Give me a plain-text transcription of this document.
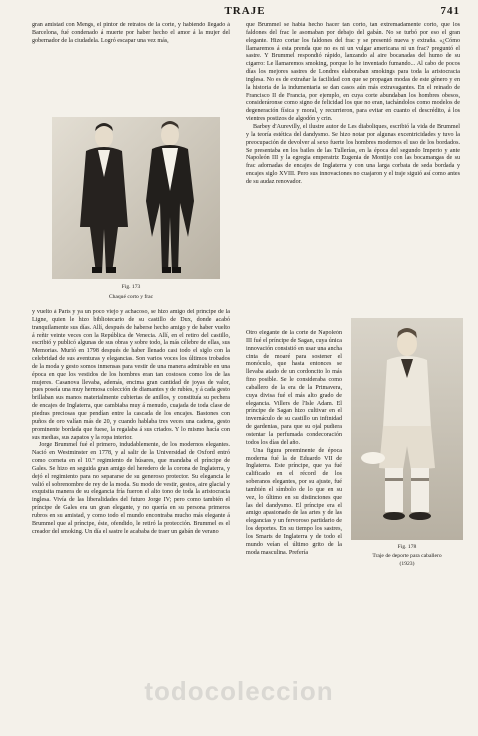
TRAJE	741

gran amistad con Mengs, el pintor de retratos de la corte, y habiendo llegado á Barcelona, fué condenado á muerte por haber hecho el amor á la mujer del gobernador de la ciudadela. Logró escapar una vez más,

Fig. 173
Chaqué corto y frac

y vuelto á París y ya un poco viejo y achacoso, se hizo amigo del príncipe de la Ligne, quien le hizo bibliotecario de su castillo de Dux, donde acabó tranquilamente sus días. Allí, después de haberse hecho amigo y de haber vuelto á reñir veinte veces con la República de Venecia. Allí, en el retiro del castillo, escribió y publicó algunas de sus obras y sobre todo, la más célebre de ellas, sus Memorias. Murió en 1798 después de haber llenado casi todo el siglo con la celebridad de sus aventuras y elegancias. Son varios voces los últimos trobados de la moda y gesto somos inmensas para vestir de una manera admirable en una época en que los vestidos de los hombres eran tan costosos como los de las mujeres. Casanova llevaba, además, encima gran cantidad de joyas de valor, pues poseía una muy hermosa colección de diamantes y de rubíes, y á cada gesto brillaban sus manos materialmente cubiertas de anillos, y constituía su pechera de encajes de Inglaterra, que cambiaba muy á menudo, cuajada de toda clase de piedras preciosas que pendían entre la cascada de los encajes. Bastones con puños de oro valían más de 20, y cuando hablaba tres veces una cadena, gesto prominente bordada que fuese, la regalaba á sus criados. Y lo mismo hacía con sus medias, sus zapatos y la ropa interior.

Jorge Brummel fué el primero, indudablemente, de los modernos elegantes. Nació en Westminster en 1778, y al salir de la Universidad de Oxford entró como corneta en el 10.º regimiento de húsares, que mandaba el príncipe de Gales. Se hizo en seguida gran amigo del heredero de la corona de Inglaterra, y dejó el regimiento para no separarse de su generoso protector. Su elegancia le valió el sobrenombre de rey de la moda. Su modo de vestir, gestos, aire glacial y exquisita manera de su elegancia fría fueron el alto tono de toda la aristocracia inglesa. Vivía de las liberalidades del futuro Jorge IV; pero como también el príncipe de Gales era un gran elegante, y no quería en su persona primeros rubros en su amistad, y como todo el mundo encontraba mucho más elegante á Brummel que al príncipe, éste, ofendido, le retiró la protección. Brummel es el creador del smoking. Un día el sastre le acababa de traer un gabán de verano

que Brummel se había hecho hacer tan corto, tan extremadamente corto, que los faldones del frac le asomaban por debajo del gabán. No se turbó por eso el gran elegante. Hizo cortar los faldones del frac y se presentó nueva y extraña. «¿Cómo llamaremos á esta prenda que no es ni un vulgar americana ni un frac? preguntó el sastre. Y Brummel respondió rápido, lanzando al aire bocanadas del humo de su cigarro: Le llamaremos smoking, porque lo he inventado fumando... Al cabo de pocos días los mejores sastres de Londres elaboraban smokings para toda la aristocracia inglesa. No es de extrañar la facilidad con que se propagan modas de este género y en la historia de la indumentaria se dan casos aún más extravagantes. En el reinado de Francisco II de Francia, por ejemplo, en cuya corte abundaban los hombres obesos, consideráronse como signo de felicidad los que no eran, tachándolos como modelos de degeneración física y moral, y recurrieron, para evitar en cuanto el descrédito, á los vientres postizos de algodón y crin.

Barbey d'Aurevilly, el ilustre autor de Les diaboliques, escribió la vida de Brummel y la teoría estética del dandysmo. Se hizo notar por algunas excentricidades y tuvo la preocupación de devolver al sexo fuerte los hombres modernos el uso de los bordados. Se presentaba en los bailes de las Tullerías, en la época del segundo Imperio y ante Napoleón III y la egregia emperatriz Eugenia de Montijo con las bocamangas de su frac adornadas de encajes de Inglaterra y con una larga corbata de seda bordada y encajes siglo XVIII. Pero sus innovaciones no cuajaron y el traje siguió así como antes de su audaz renovador.

Otro elegante de la corte de Napoleón III fué el príncipe de Sagan, cuya única innovación consistió en usar una ancha cinta de moaré para sostener el monóculo, que hasta entonces se llevaba atado de un cordoncito lo más fino posible. Se le consideraba como caballero de la era de la Primavera, cuya divisa fué el más alto grado de elegancia. Villers de l'Isle Adam. El príncipe de Sagan hizo cultivar en el invernáculo de su castillo un infinidad de gardenias, para que su ojal pudiera ostentar la perfumada condecoración todos los días del año.

Una figura preeminente de época moderna fué la de Eduardo VII de Inglaterra. Este príncipe, que ya fué calificado en el récord de los soberanos elegantes, por su ajuste, fué también el símbolo de lo que en su vez, lo último en su distinciones que las del dandysmo. El príncipe era el amigo apasionado de las artes y de las elegancias y un fervoroso partidario de los deportes. En su tiempo los sastres, los Smarts de Inglaterra y de todo el mundo veían el último grito de la moda masculina. Prefería

Fig. 178
Traje de deporte para caballero
(1923)
todocoleccion
